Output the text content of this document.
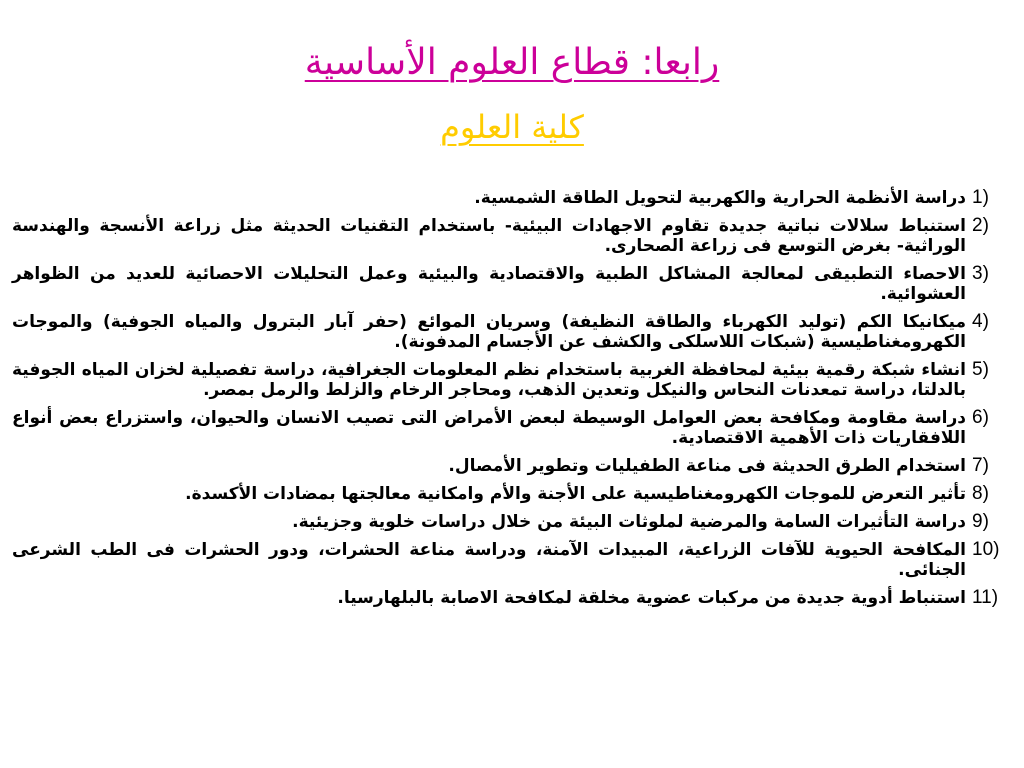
رابعا: قطاع العلوم الأساسية
كلية العلوم
1)
دراسة الأنظمة الحرارية والكهربية لتحويل الطاقة الشمسية.
2)
استنباط سلالات نباتية جديدة تقاوم الاجهادات البيئية- باستخدام التقنيات الحديثة مثل زراعة الأنسجة والهندسة الوراثية- بغرض التوسع فى زراعة الصحارى.
3)
الاحصاء التطبيقى لمعالجة المشاكل الطبية والاقتصادية والبيئية وعمل التحليلات الاحصائية للعديد من الظواهر العشوائية.
4)
ميكانيكا الكم (توليد الكهرباء والطاقة النظيفة) وسريان الموائع (حفر آبار البترول والمياه الجوفية) والموجات الكهرومغناطيسية (شبكات اللاسلكى والكشف عن الأجسام المدفونة).
5)
انشاء شبكة رقمية بيئية لمحافظة الغربية باستخدام نظم المعلومات الجغرافية، دراسة تفصيلية لخزان المياه الجوفية بالدلتا، دراسة تمعدنات النحاس والنيكل وتعدين الذهب، ومحاجر الرخام والزلط والرمل بمصر.
6)
دراسة مقاومة ومكافحة بعض العوامل الوسيطة لبعض الأمراض التى تصيب الانسان والحيوان، واستزراع بعض أنواع اللافقاريات ذات الأهمية الاقتصادية.
7)
استخدام الطرق الحديثة فى مناعة الطفيليات وتطوير الأمصال.
8)
تأثير التعرض للموجات الكهرومغناطيسية على الأجنة والأم وامكانية معالجتها بمضادات الأكسدة.
9)
دراسة التأثيرات السامة والمرضية لملوثات البيئة من خلال دراسات خلوية وجزيئية.
10)
المكافحة الحيوية للآفات الزراعية، المبيدات الآمنة، ودراسة مناعة الحشرات، ودور الحشرات فى الطب الشرعى الجنائى.
11)
استنباط أدوية جديدة من مركبات عضوية مخلقة لمكافحة الاصابة بالبلهارسيا.
